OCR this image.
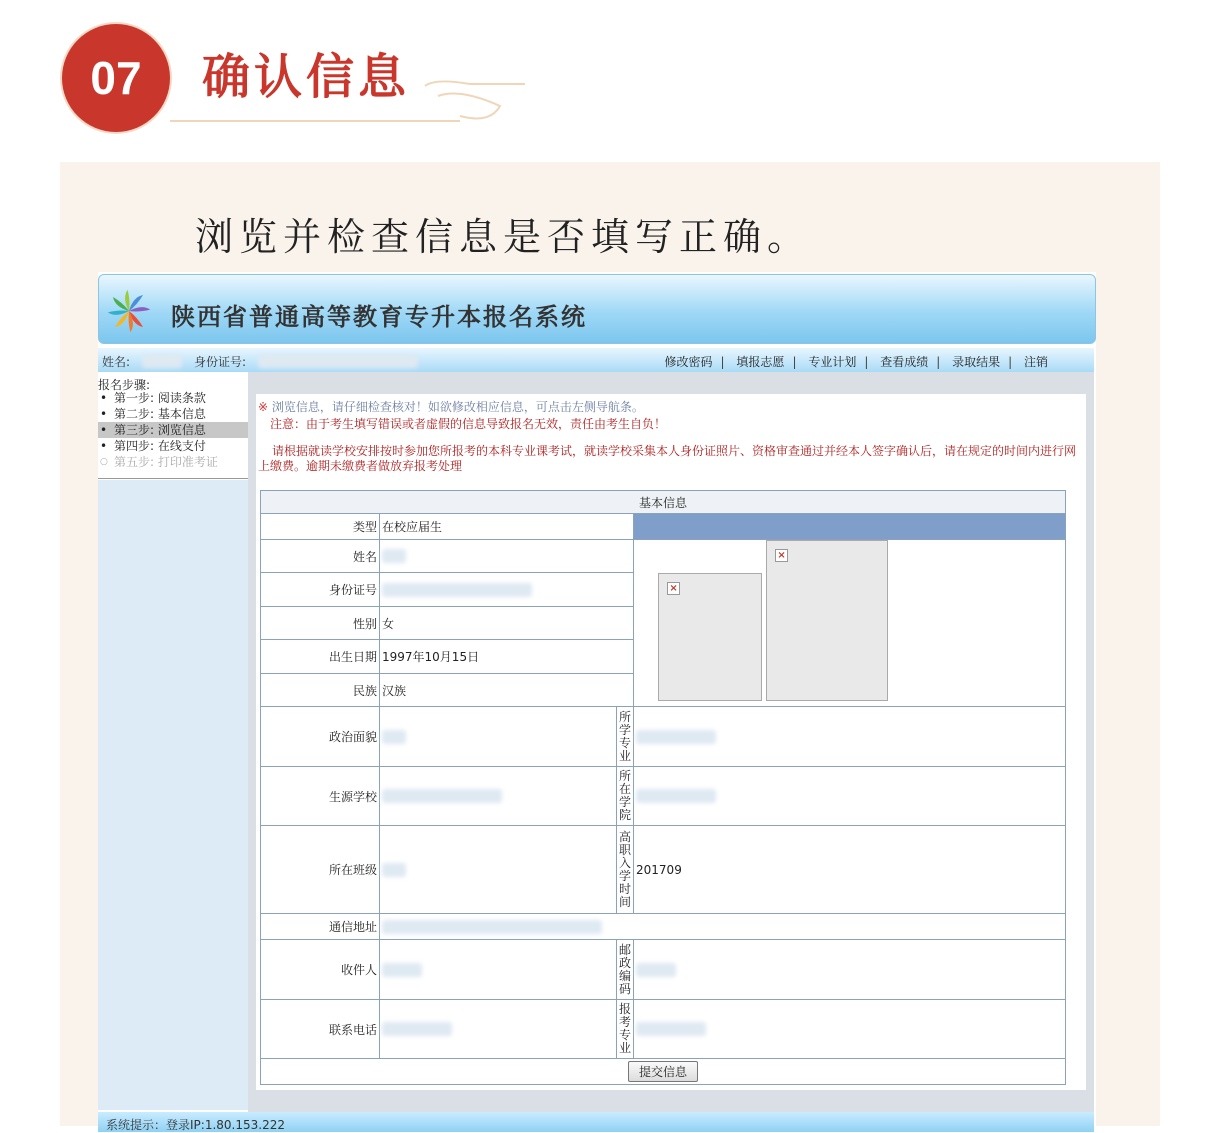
07 确认信息
浏览并检查信息是否填写正确。
陕西省普通高等教育专升本报名系统
姓名:	身份证号:	修改密码 | 填报志愿 | 专业计划 | 查看成绩 | 录取结果 | 注销
报名步骤:
• 第一步: 阅读条款
• 第二步: 基本信息
• 第三步: 浏览信息
• 第四步: 在线支付
○ 第五步: 打印准考证
※ 浏览信息，请仔细检查核对！如欲修改相应信息，可点击左侧导航条。
注意：由于考生填写错误或者虚假的信息导致报名无效，责任由考生自负！
请根据就读学校安排按时参加您所报考的本科专业课考试，就读学校采集本人身份证照片、资格审查通过并经本人签字确认后，请在规定的时间内进行网上缴费。逾期未缴费者做放弃报考处理
基本信息			
类型	在校应届生		
姓名			×
×

身份证号			
性别	女		
出生日期	1997年10月15日		
民族	汉族		
政治面貌		所学专业	
生源学校		所在学院	
所在班级		高职入学时间	201709
通信地址			
收件人		邮政编码	
联系电话		报考专业	
提交信息			
系统提示：登录IP:1.80.153.222
